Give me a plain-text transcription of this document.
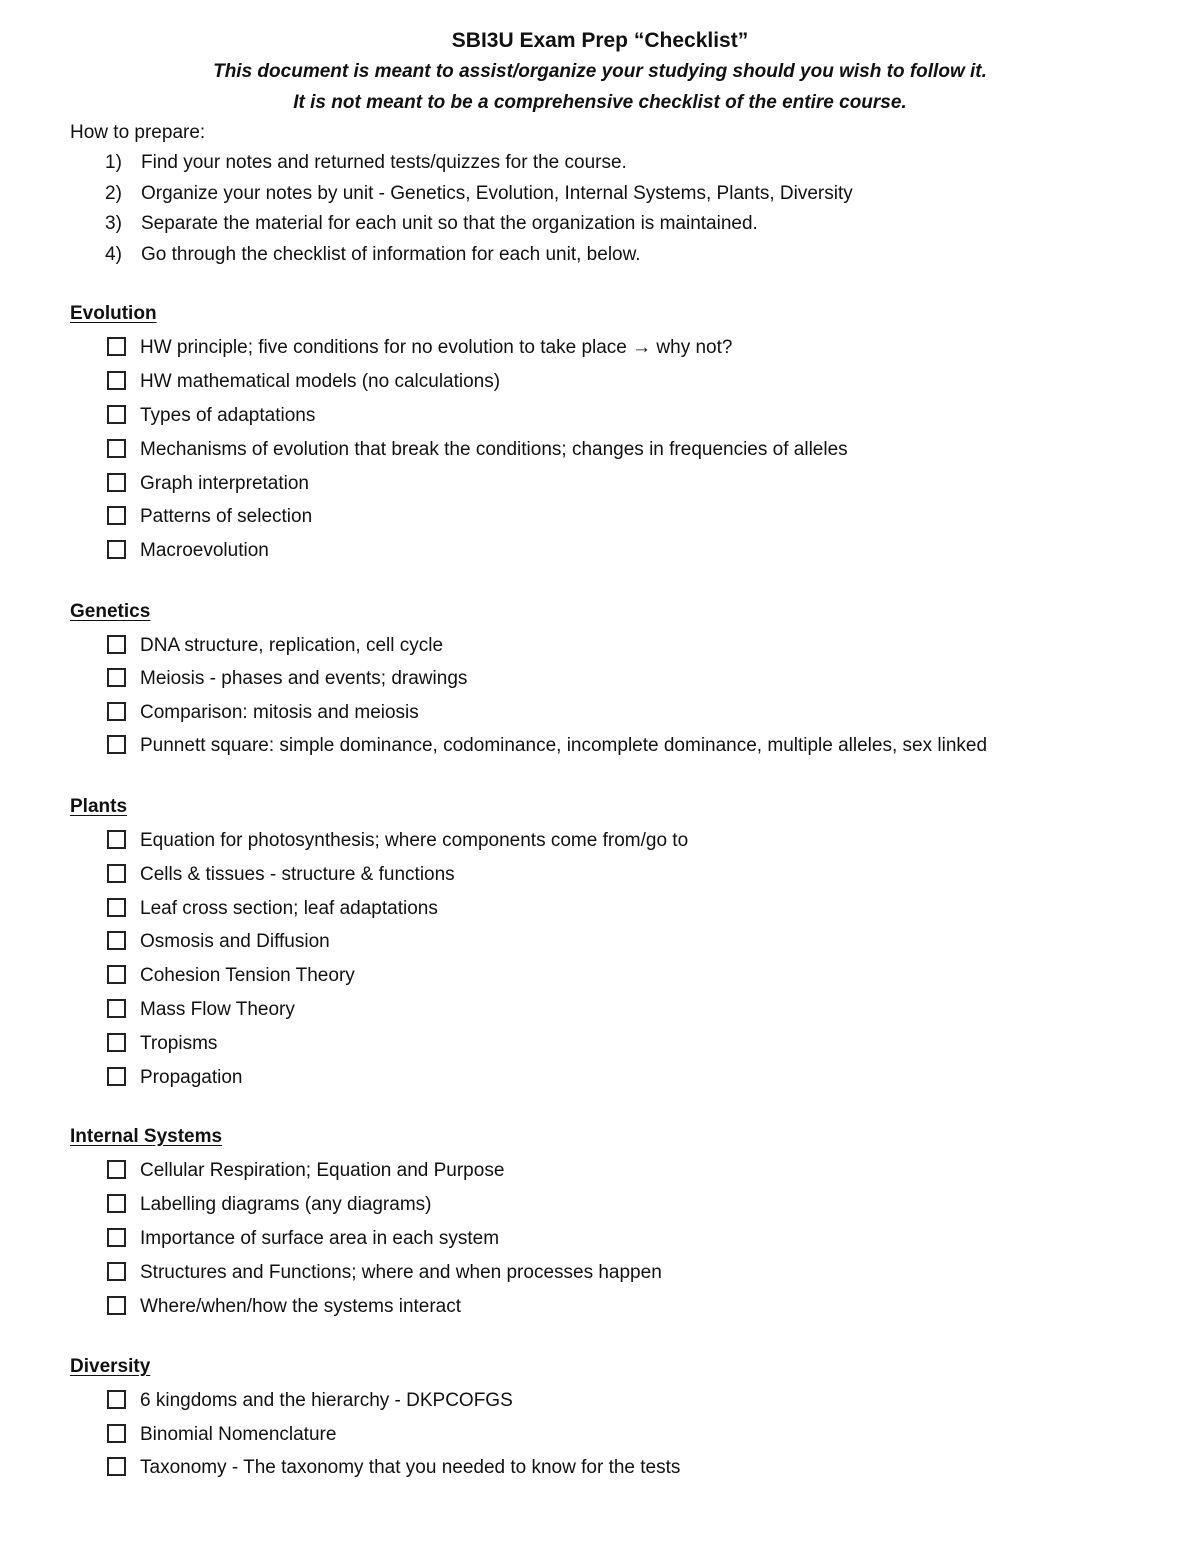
SBI3U Exam Prep “Checklist”
This document is meant to assist/organize your studying should you wish to follow it.
It is not meant to be a comprehensive checklist of the entire course.
How to prepare:
1) Find your notes and returned tests/quizzes for the course.
2) Organize your notes by unit - Genetics, Evolution, Internal Systems, Plants, Diversity
3) Separate the material for each unit so that the organization is maintained.
4) Go through the checklist of information for each unit, below.
Evolution
HW principle; five conditions for no evolution to take place → why not?
HW mathematical models (no calculations)
Types of adaptations
Mechanisms of evolution that break the conditions; changes in frequencies of alleles
Graph interpretation
Patterns of selection
Macroevolution
Genetics
DNA structure, replication, cell cycle
Meiosis - phases and events; drawings
Comparison: mitosis and meiosis
Punnett square: simple dominance, codominance, incomplete dominance, multiple alleles, sex linked
Plants
Equation for photosynthesis; where components come from/go to
Cells & tissues - structure & functions
Leaf cross section; leaf adaptations
Osmosis and Diffusion
Cohesion Tension Theory
Mass Flow Theory
Tropisms
Propagation
Internal Systems
Cellular Respiration; Equation and Purpose
Labelling diagrams (any diagrams)
Importance of surface area in each system
Structures and Functions; where and when processes happen
Where/when/how the systems interact
Diversity
6 kingdoms and the hierarchy - DKPCOFGS
Binomial Nomenclature
Taxonomy - The taxonomy that you needed to know for the tests
